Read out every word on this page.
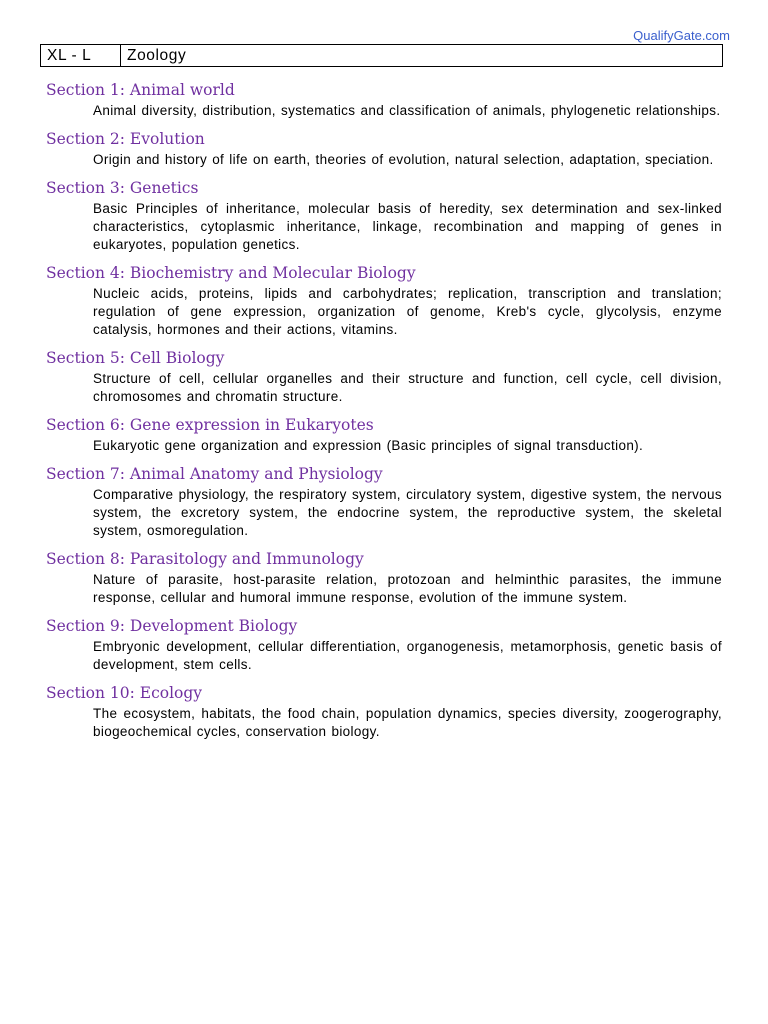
QualifyGate.com
XL - L	Zoology
Section 1: Animal world

Animal diversity, distribution, systematics and classification of animals, phylogenetic relationships.

Section 2: Evolution

Origin and history of life on earth, theories of evolution, natural selection, adaptation, speciation.

Section 3: Genetics

Basic Principles of inheritance, molecular basis of heredity, sex determination and sex-linked characteristics, cytoplasmic inheritance, linkage, recombination and mapping of genes in eukaryotes, population genetics.

Section 4: Biochemistry and Molecular Biology

Nucleic acids, proteins, lipids and carbohydrates; replication, transcription and translation; regulation of gene expression, organization of genome, Kreb's cycle, glycolysis, enzyme catalysis, hormones and their actions, vitamins.

Section 5: Cell Biology

Structure of cell, cellular organelles and their structure and function, cell cycle, cell division, chromosomes and chromatin structure.

Section 6: Gene expression in Eukaryotes

Eukaryotic gene organization and expression (Basic principles of signal transduction).

Section 7: Animal Anatomy and Physiology

Comparative physiology, the respiratory system, circulatory system, digestive system, the nervous system, the excretory system, the endocrine system, the reproductive system, the skeletal system, osmoregulation.

Section 8: Parasitology and Immunology

Nature of parasite, host-parasite relation, protozoan and helminthic parasites, the immune response, cellular and humoral immune response, evolution of the immune system.

Section 9: Development Biology

Embryonic development, cellular differentiation, organogenesis, metamorphosis, genetic basis of development, stem cells.

Section 10: Ecology

The ecosystem, habitats, the food chain, population dynamics, species diversity, zoogerography, biogeochemical cycles, conservation biology.
